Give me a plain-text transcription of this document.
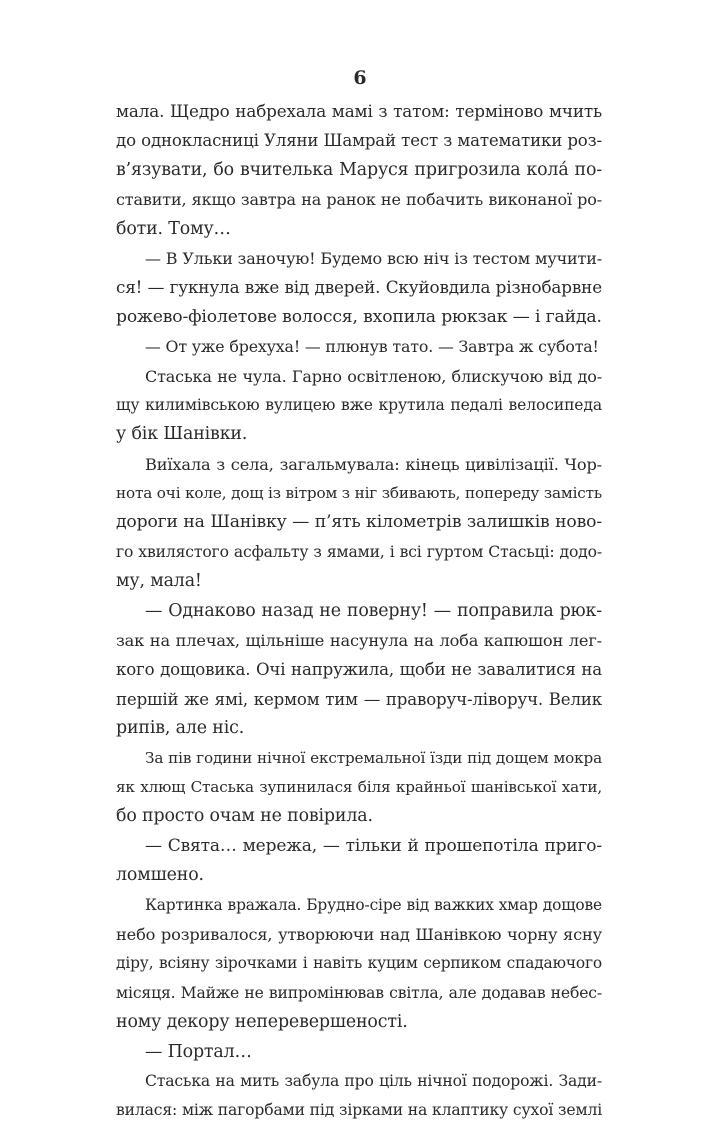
6
мала. Щедро набрехала мамі з татом: терміново мчить
до однокласниці Уляни Шамрай тест з математики роз-
в’язувати, бо вчителька Маруся пригрозила кола́ по-
ставити, якщо завтра на ранок не побачить виконаної ро-
боти. Тому…
— В Ульки заночую! Будемо всю ніч із тестом мучити-
ся! — гукнула вже від дверей. Скуйовдила різнобарвне
рожево-фіолетове волосся, вхопила рюкзак — і гайда.
— От уже брехуха! — плюнув тато. — Завтра ж субота!
Стаська не чула. Гарно освітленою, блискучою від до-
щу килимівською вулицею вже крутила педалі велосипеда
у бік Шанівки.
Виїхала з села, загальмувала: кінець цивілізації. Чор-
нота очі коле, дощ із вітром з ніг збивають, попереду замість
дороги на Шанівку — п’ять кілометрів залишків ново-
го хвилястого асфальту з ямами, і всі гуртом Стасьці: додо-
му, мала!
— Однаково назад не поверну! — поправила рюк-
зак на плечах, щільніше насунула на лоба капюшон лег-
кого дощовика. Очі напружила, щоби не завалитися на
першій же ямі, кермом тим — праворуч-ліворуч. Велик
рипів, але ніс.
За пів години нічної екстремальної їзди під дощем мокра
як хлющ Стаська зупинилася біля крайньої шанівської хати,
бо просто очам не повірила.
— Свята… мережа, — тільки й прошепотіла приго-
ломшено.
Картинка вражала. Брудно-сіре від важких хмар дощове
небо розривалося, утворюючи над Шанівкою чорну ясну
діру, всіяну зірочками і навіть куцим серпиком спадаючого
місяця. Майже не випромінював світла, але додавав небес-
ному декору неперевершеності.
— Портал…
Стаська на мить забула про ціль нічної подорожі. Зади-
вилася: між пагорбами під зірками на клаптику сухої землі
